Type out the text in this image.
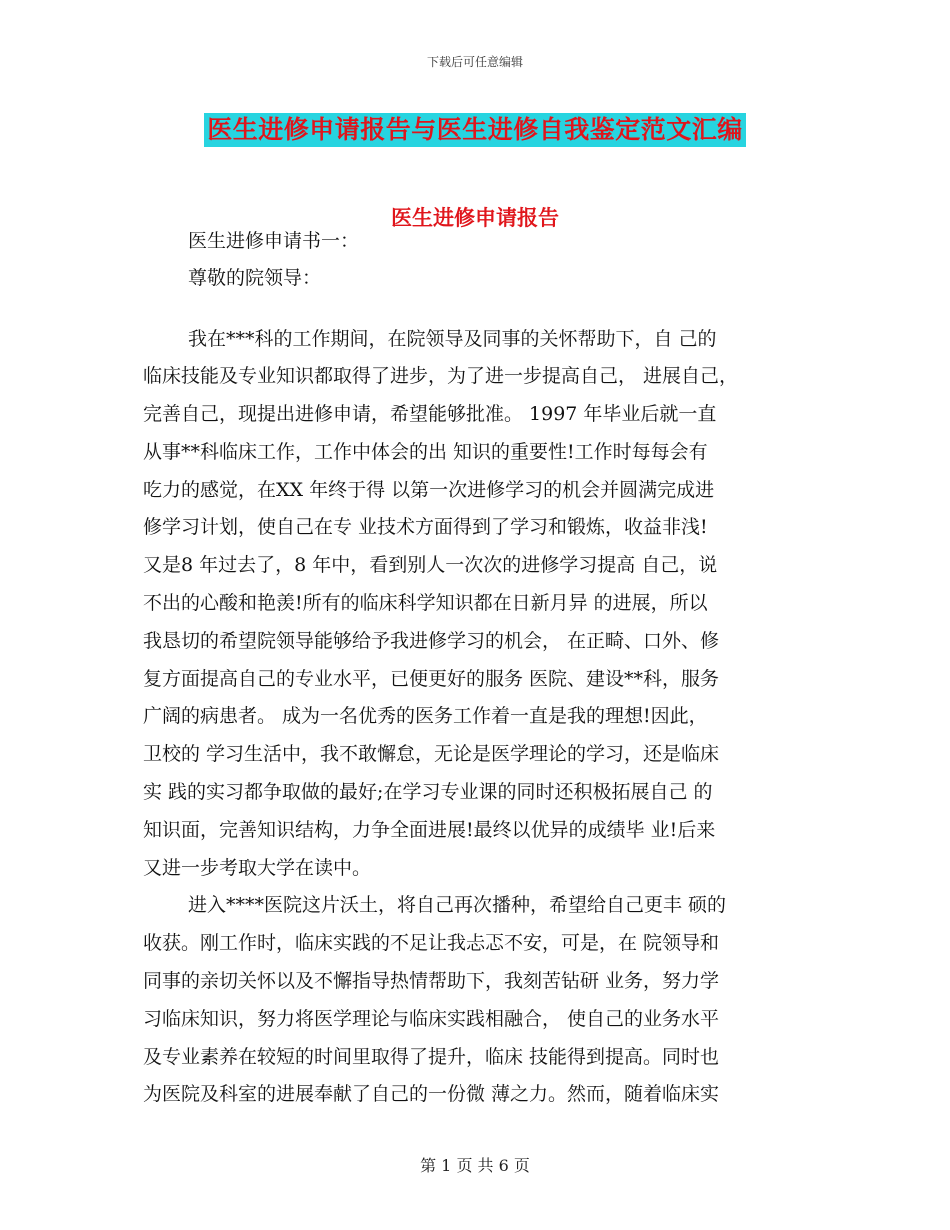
下载后可任意编辑
医生进修申请报告与医生进修自我鉴定范文汇编
医生进修申请报告
医生进修申请书一：
尊敬的院领导：
我在***科的工作期间，在院领导及同事的关怀帮助下，自 己的
临床技能及专业知识都取得了进步，为了进一步提高自己， 进展自己，
完善自己，现提出进修申请，希望能够批准。 1997 年毕业后就一直
从事**科临床工作，工作中体会的出 知识的重要性!工作时每每会有
吃力的感觉，在XX 年终于得 以第一次进修学习的机会并圆满完成进
修学习计划，使自己在专 业技术方面得到了学习和锻炼，收益非浅!
又是8 年过去了，8 年中，看到别人一次次的进修学习提高 自己，说
不出的心酸和艳羡!所有的临床科学知识都在日新月异 的进展，所以
我恳切的希望院领导能够给予我进修学习的机会， 在正畸、口外、修
复方面提高自己的专业水平，已便更好的服务 医院、建设**科，服务
广阔的病患者。 成为一名优秀的医务工作着一直是我的理想!因此，
卫校的 学习生活中，我不敢懈怠，无论是医学理论的学习，还是临床
实 践的实习都争取做的最好;在学习专业课的同时还积极拓展自己 的
知识面，完善知识结构，力争全面进展!最终以优异的成绩毕 业!后来
又进一步考取大学在读中。
进入****医院这片沃土，将自己再次播种，希望给自己更丰 硕的
收获。刚工作时，临床实践的不足让我忐忑不安，可是，在 院领导和
同事的亲切关怀以及不懈指导热情帮助下，我刻苦钻研 业务，努力学
习临床知识，努力将医学理论与临床实践相融合， 使自己的业务水平
及专业素养在较短的时间里取得了提升，临床 技能得到提高。同时也
为医院及科室的进展奉献了自己的一份微 薄之力。然而，随着临床实
第 1 页 共 6 页
